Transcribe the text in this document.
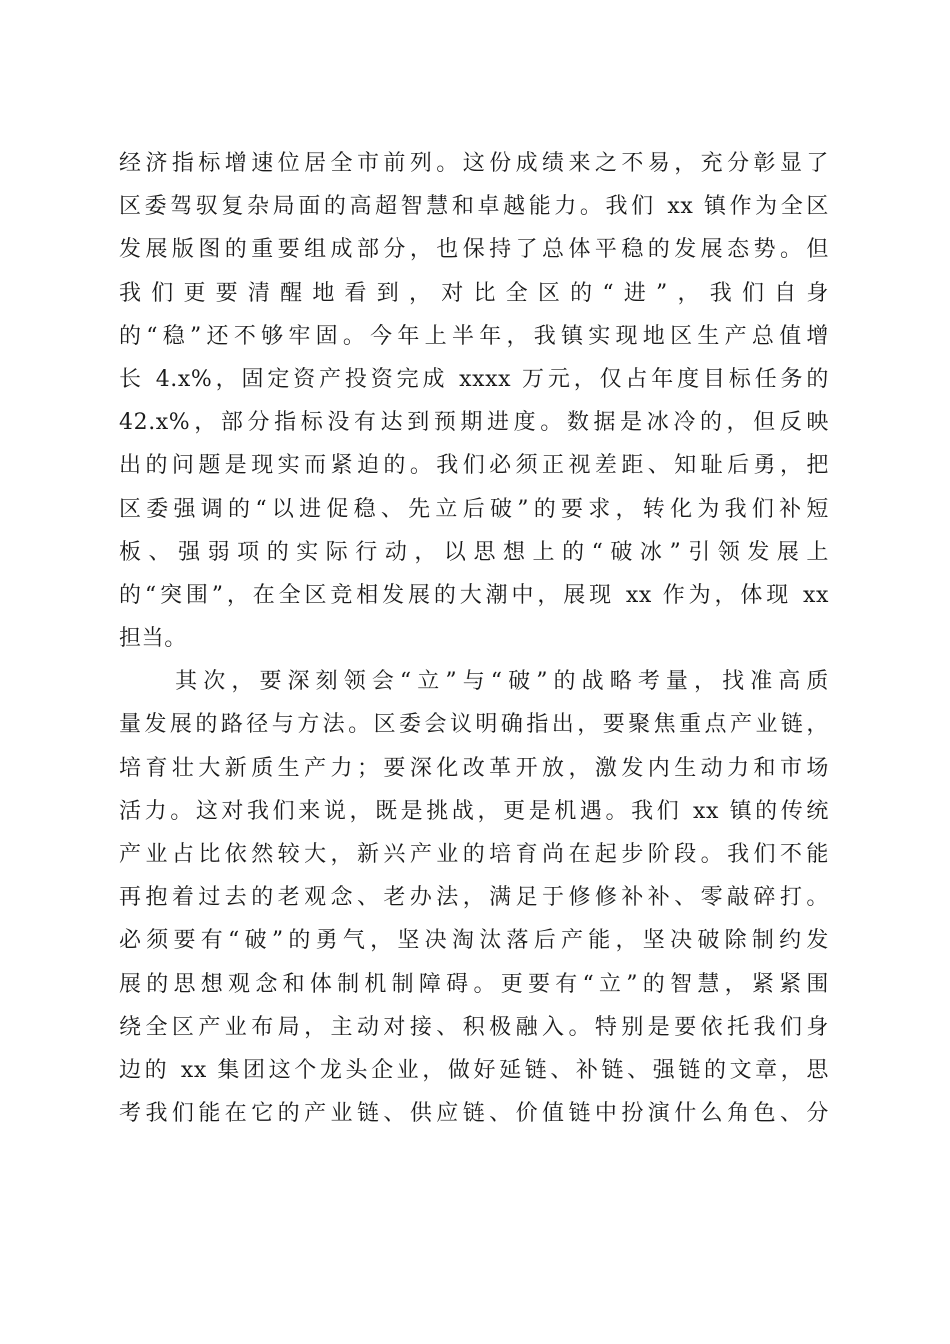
经济指标增速位居全市前列。这份成绩来之不易，充分彰显了
区委驾驭复杂局面的高超智慧和卓越能力。我们 xx 镇作为全区
发展版图的重要组成部分，也保持了总体平稳的发展态势。但
我们更要清醒地看到，对比全区的“进”，我们自身
的“稳”还不够牢固。今年上半年，我镇实现地区生产总值增
长 4.x%，固定资产投资完成 xxxx 万元，仅占年度目标任务的
42.x%，部分指标没有达到预期进度。数据是冰冷的，但反映
出的问题是现实而紧迫的。我们必须正视差距、知耻后勇，把
区委强调的“以进促稳、先立后破”的要求，转化为我们补短
板、强弱项的实际行动，以思想上的“破冰”引领发展上
的“突围”，在全区竞相发展的大潮中，展现 xx 作为，体现 xx
担当。
　　其次，要深刻领会“立”与“破”的战略考量，找准高质
量发展的路径与方法。区委会议明确指出，要聚焦重点产业链，
培育壮大新质生产力；要深化改革开放，激发内生动力和市场
活力。这对我们来说，既是挑战，更是机遇。我们 xx 镇的传统
产业占比依然较大，新兴产业的培育尚在起步阶段。我们不能
再抱着过去的老观念、老办法，满足于修修补补、零敲碎打。
必须要有“破”的勇气，坚决淘汰落后产能，坚决破除制约发
展的思想观念和体制机制障碍。更要有“立”的智慧，紧紧围
绕全区产业布局，主动对接、积极融入。特别是要依托我们身
边的 xx 集团这个龙头企业，做好延链、补链、强链的文章，思
考我们能在它的产业链、供应链、价值链中扮演什么角色、分
